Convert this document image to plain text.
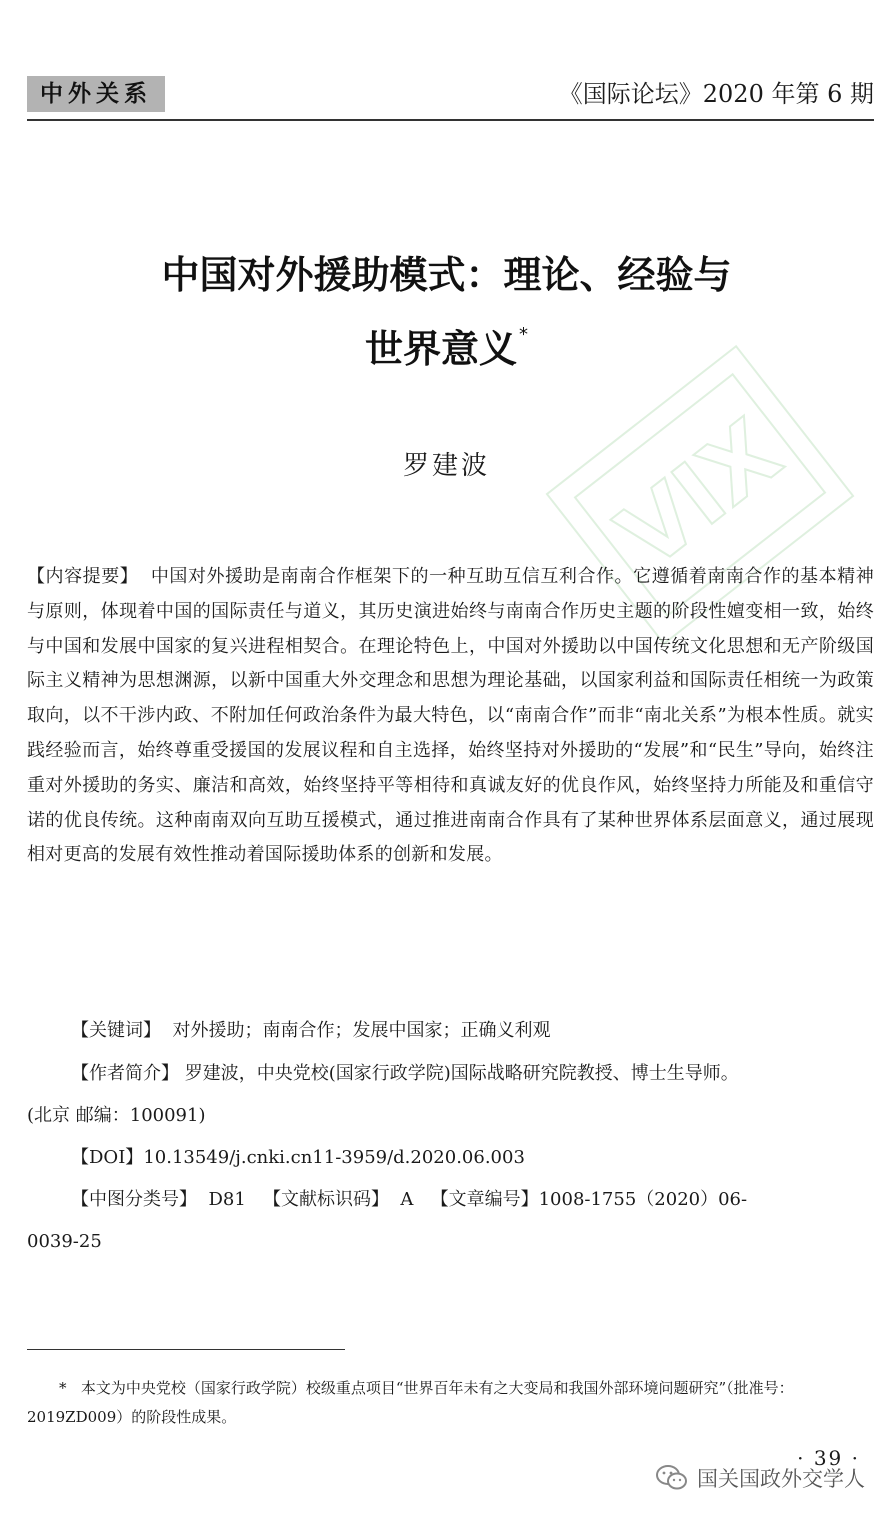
中外关系	《国际论坛》2020 年第 6 期
VIX
中国对外援助模式：理论、经验与
世界意义 *
罗建波
【内容提要】 中国对外援助是南南合作框架下的一种互助互信互利合作。它遵循着南南合作的基本精神与原则，体现着中国的国际责任与道义，其历史演进始终与南南合作历史主题的阶段性嬗变相一致，始终与中国和发展中国家的复兴进程相契合。在理论特色上，中国对外援助以中国传统文化思想和无产阶级国际主义精神为思想渊源，以新中国重大外交理念和思想为理论基础，以国家利益和国际责任相统一为政策取向，以不干涉内政、不附加任何政治条件为最大特色，以“南南合作”而非“南北关系”为根本性质。就实践经验而言，始终尊重受援国的发展议程和自主选择，始终坚持对外援助的“发展”和“民生”导向，始终注重对外援助的务实、廉洁和高效，始终坚持平等相待和真诚友好的优良作风，始终坚持力所能及和重信守诺的优良传统。这种南南双向互助互援模式，通过推进南南合作具有了某种世界体系层面意义，通过展现相对更高的发展有效性推动着国际援助体系的创新和发展。
【关键词】 对外援助；南南合作；发展中国家；正确义利观
【作者简介】 罗建波，中央党校(国家行政学院)国际战略研究院教授、博士生导师。
(北京 邮编：100091)
【DOI】10.13549/j.cnki.cn11-3959/d.2020.06.003
【中图分类号】 D81 【文献标识码】 A 【文章编号】1008-1755（2020）06-
0039-25
* 本文为中央党校（国家行政学院）校级重点项目“世界百年未有之大变局和我国外部环境问题研究”（批准号：2019ZD009）的阶段性成果。
· 39 ·
国关国政外交学人
